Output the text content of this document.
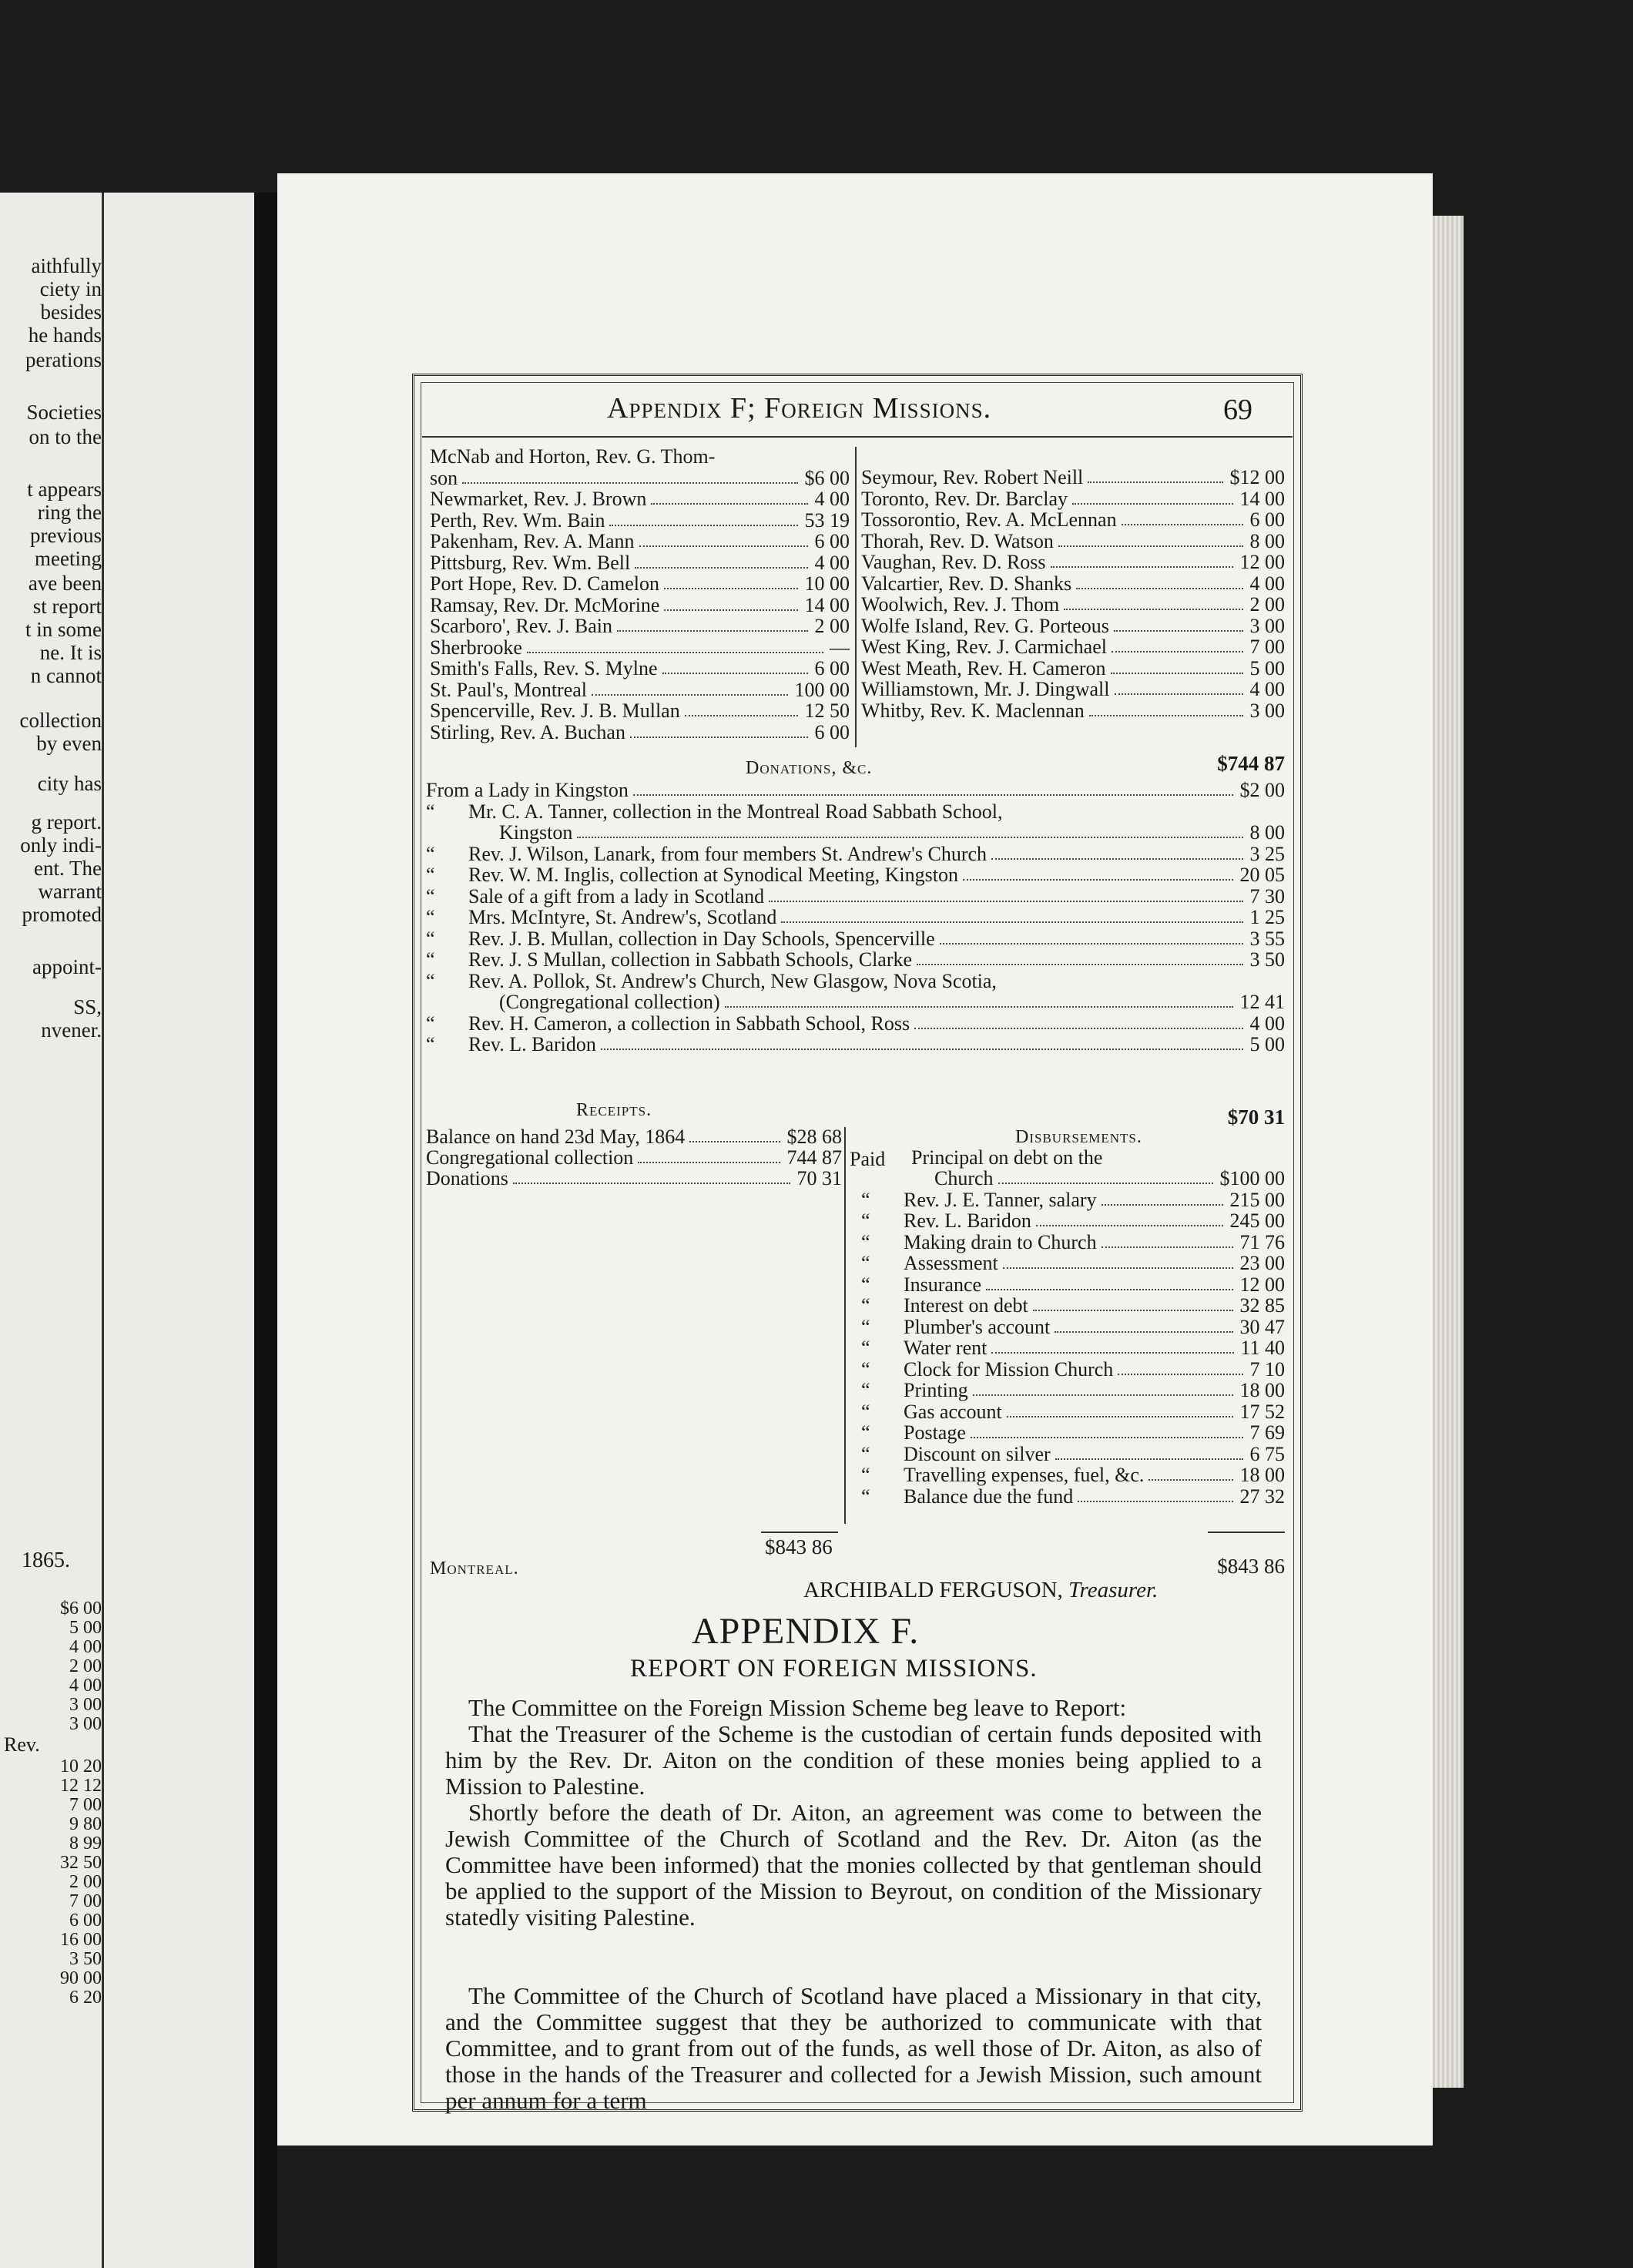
aithfully
ciety in
besides
he hands
perations
Societies
on to the
t appears
ring the
previous
meeting
ave been
st report
t in some
ne. It is
n cannot
collection
by even
city has
g report.
only indi-
ent. The
warrant
promoted
appoint-
SS,
nvener.
1865.
$6 00
5 00
4 00
2 00
4 00
3 00
3 00
10 20
12 12
7 00
9 80
8 99
32 50
2 00
7 00
6 00
16 00
3 50
90 00
6 20
Rev.
Appendix F; Foreign Missions.	69
McNab and Horton, Rev. G. Thom-
son	$6 00
Newmarket, Rev. J. Brown	4 00
Perth, Rev. Wm. Bain	53 19
Pakenham, Rev. A. Mann	6 00
Pittsburg, Rev. Wm. Bell	4 00
Port Hope, Rev. D. Camelon	10 00
Ramsay, Rev. Dr. McMorine	14 00
Scarboro', Rev. J. Bain	2 00
Sherbrooke	—
Smith's Falls, Rev. S. Mylne	6 00
St. Paul's, Montreal	100 00
Spencerville, Rev. J. B. Mullan	12 50
Stirling, Rev. A. Buchan	6 00
Seymour, Rev. Robert Neill	$12 00
Toronto, Rev. Dr. Barclay	14 00
Tossorontio, Rev. A. McLennan	6 00
Thorah, Rev. D. Watson	8 00
Vaughan, Rev. D. Ross	12 00
Valcartier, Rev. D. Shanks	4 00
Woolwich, Rev. J. Thom	2 00
Wolfe Island, Rev. G. Porteous	3 00
West King, Rev. J. Carmichael	7 00
West Meath, Rev. H. Cameron	5 00
Williamstown, Mr. J. Dingwall	4 00
Whitby, Rev. K. Maclennan	3 00
$744 87
Donations, &c.
From a Lady in Kingston	$2 00
“ Mr. C. A. Tanner, collection in the Montreal Road Sabbath School,
Kingston	8 00
“ Rev. J. Wilson, Lanark, from four members St. Andrew's Church	3 25
“ Rev. W. M. Inglis, collection at Synodical Meeting, Kingston	20 05
“ Sale of a gift from a lady in Scotland	7 30
“ Mrs. McIntyre, St. Andrew's, Scotland	1 25
“ Rev. J. B. Mullan, collection in Day Schools, Spencerville	3 55
“ Rev. J. S Mullan, collection in Sabbath Schools, Clarke	3 50
“ Rev. A. Pollok, St. Andrew's Church, New Glasgow, Nova Scotia,
(Congregational collection)	12 41
“ Rev. H. Cameron, a collection in Sabbath School, Ross	4 00
“ Rev. L. Baridon	5 00
$70 31
Receipts.
Disbursements.
Balance on hand 23d May, 1864	$28 68
Congregational collection	744 87
Donations	70 31
Paid Principal on debt on the
Church	$100 00
“ Rev. J. E. Tanner, salary	215 00
“ Rev. L. Baridon	245 00
“ Making drain to Church	71 76
“ Assessment	23 00
“ Insurance	12 00
“ Interest on debt	32 85
“ Plumber's account	30 47
“ Water rent	11 40
“ Clock for Mission Church	7 10
“ Printing	18 00
“ Gas account	17 52
“ Postage	7 69
“ Discount on silver	6 75
“ Travelling expenses, fuel, &c.	18 00
“ Balance due the fund	27 32
$843 86
$843 86
Montreal.
ARCHIBALD FERGUSON, Treasurer.
APPENDIX F.
REPORT ON FOREIGN MISSIONS.

The Committee on the Foreign Mission Scheme beg leave to Report:

That the Treasurer of the Scheme is the custodian of certain funds deposited with him by the Rev. Dr. Aiton on the condition of these monies being applied to a Mission to Palestine.

Shortly before the death of Dr. Aiton, an agreement was come to between the Jewish Committee of the Church of Scotland and the Rev. Dr. Aiton (as the Committee have been informed) that the monies collected by that gentleman should be applied to the support of the Mission to Beyrout, on condition of the Missionary statedly visiting Palestine.

The Committee of the Church of Scotland have placed a Missionary in that city, and the Committee suggest that they be authorized to communicate with that Committee, and to grant from out of the funds, as well those of Dr. Aiton, as also of those in the hands of the Treasurer and collected for a Jewish Mission, such amount per annum for a term
